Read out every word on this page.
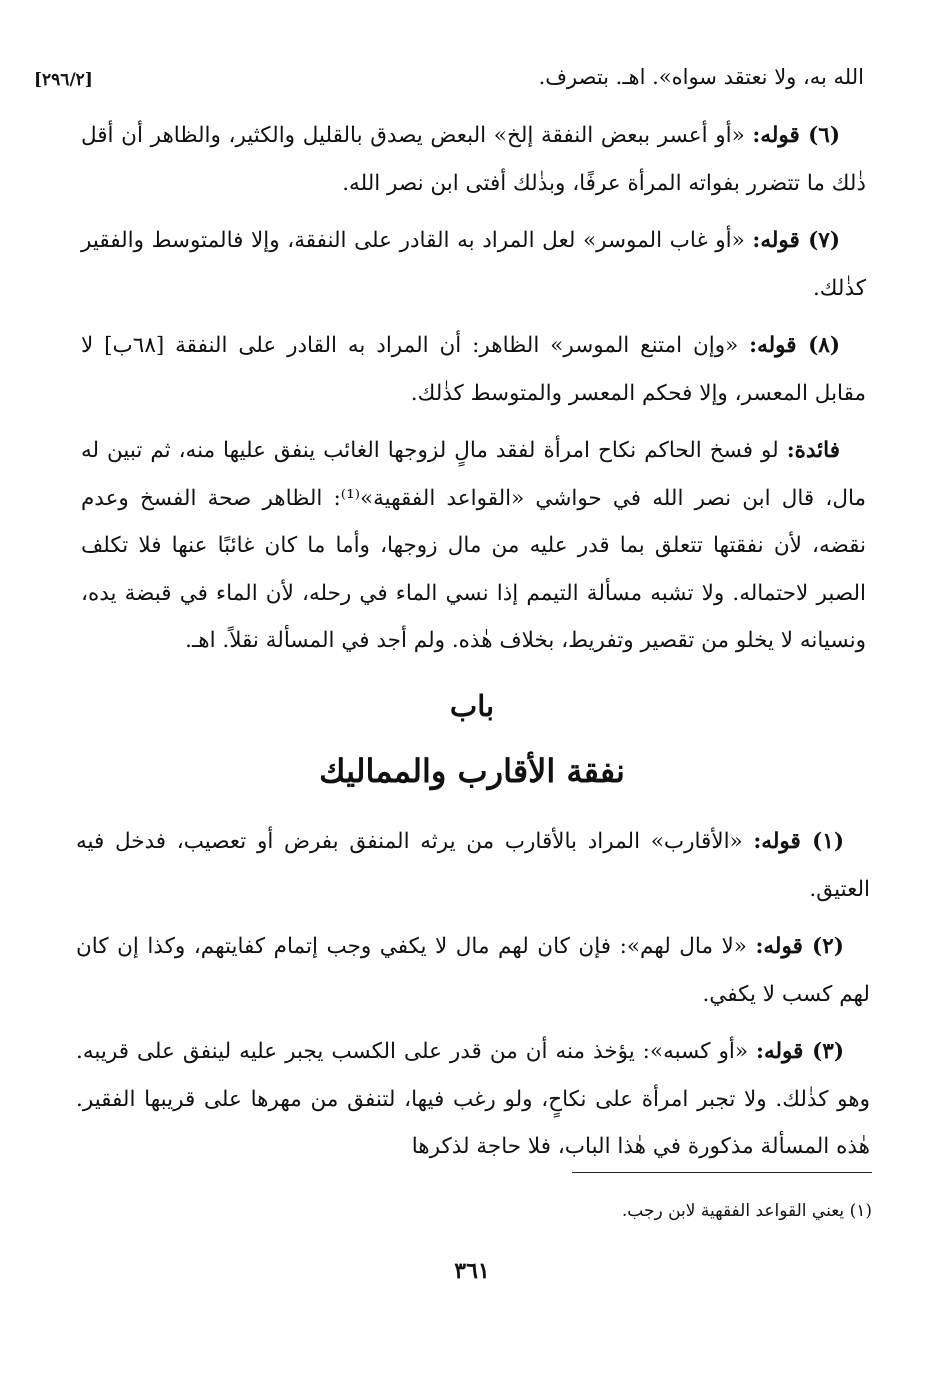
[٢٩٦/٢]	الله به، ولا نعتقد سواه». اهـ. بتصرف.

(٦) قوله: «أو أعسر ببعض النفقة إلخ» البعض يصدق بالقليل والكثير، والظاهر أن أقل ذٰلك ما تتضرر بفواته المرأة عرفًا، وبذٰلك أفتى ابن نصر الله.

(٧) قوله: «أو غاب الموسر» لعل المراد به القادر على النفقة، وإلا فالمتوسط والفقير كذٰلك.

(٨) قوله: «وإن امتنع الموسر» الظاهر: أن المراد به القادر على النفقة [٦٨ب] لا مقابل المعسر، وإلا فحكم المعسر والمتوسط كذٰلك.

فائدة: لو فسخ الحاكم نكاح امرأة لفقد مالٍ لزوجها الغائب ينفق عليها منه، ثم تبين له مال، قال ابن نصر الله في حواشي «القواعد الفقهية»⁽¹⁾: الظاهر صحة الفسخ وعدم نقضه، لأن نفقتها تتعلق بما قدر عليه من مال زوجها، وأما ما كان غائبًا عنها فلا تكلف الصبر لاحتماله. ولا تشبه مسألة التيمم إذا نسي الماء في رحله، لأن الماء في قبضة يده، ونسيانه لا يخلو من تقصير وتفريط، بخلاف هٰذه. ولم أجد في المسألة نقلاً. اهـ.

باب
نفقة الأقارب والمماليك

(١) قوله: «الأقارب» المراد بالأقارب من يرثه المنفق بفرض أو تعصيب، فدخل فيه العتيق.

(٢) قوله: «لا مال لهم»: فإن كان لهم مال لا يكفي وجب إتمام كفايتهم، وكذا إن كان لهم كسب لا يكفي.

(٣) قوله: «أو كسبه»: يؤخذ منه أن من قدر على الكسب يجبر عليه لينفق على قريبه. وهو كذٰلك. ولا تجبر امرأة على نكاحٍ، ولو رغب فيها، لتنفق من مهرها على قريبها الفقير. هٰذه المسألة مذكورة في هٰذا الباب، فلا حاجة لذكرها

(١) يعني القواعد الفقهية لابن رجب.
٣٦١
